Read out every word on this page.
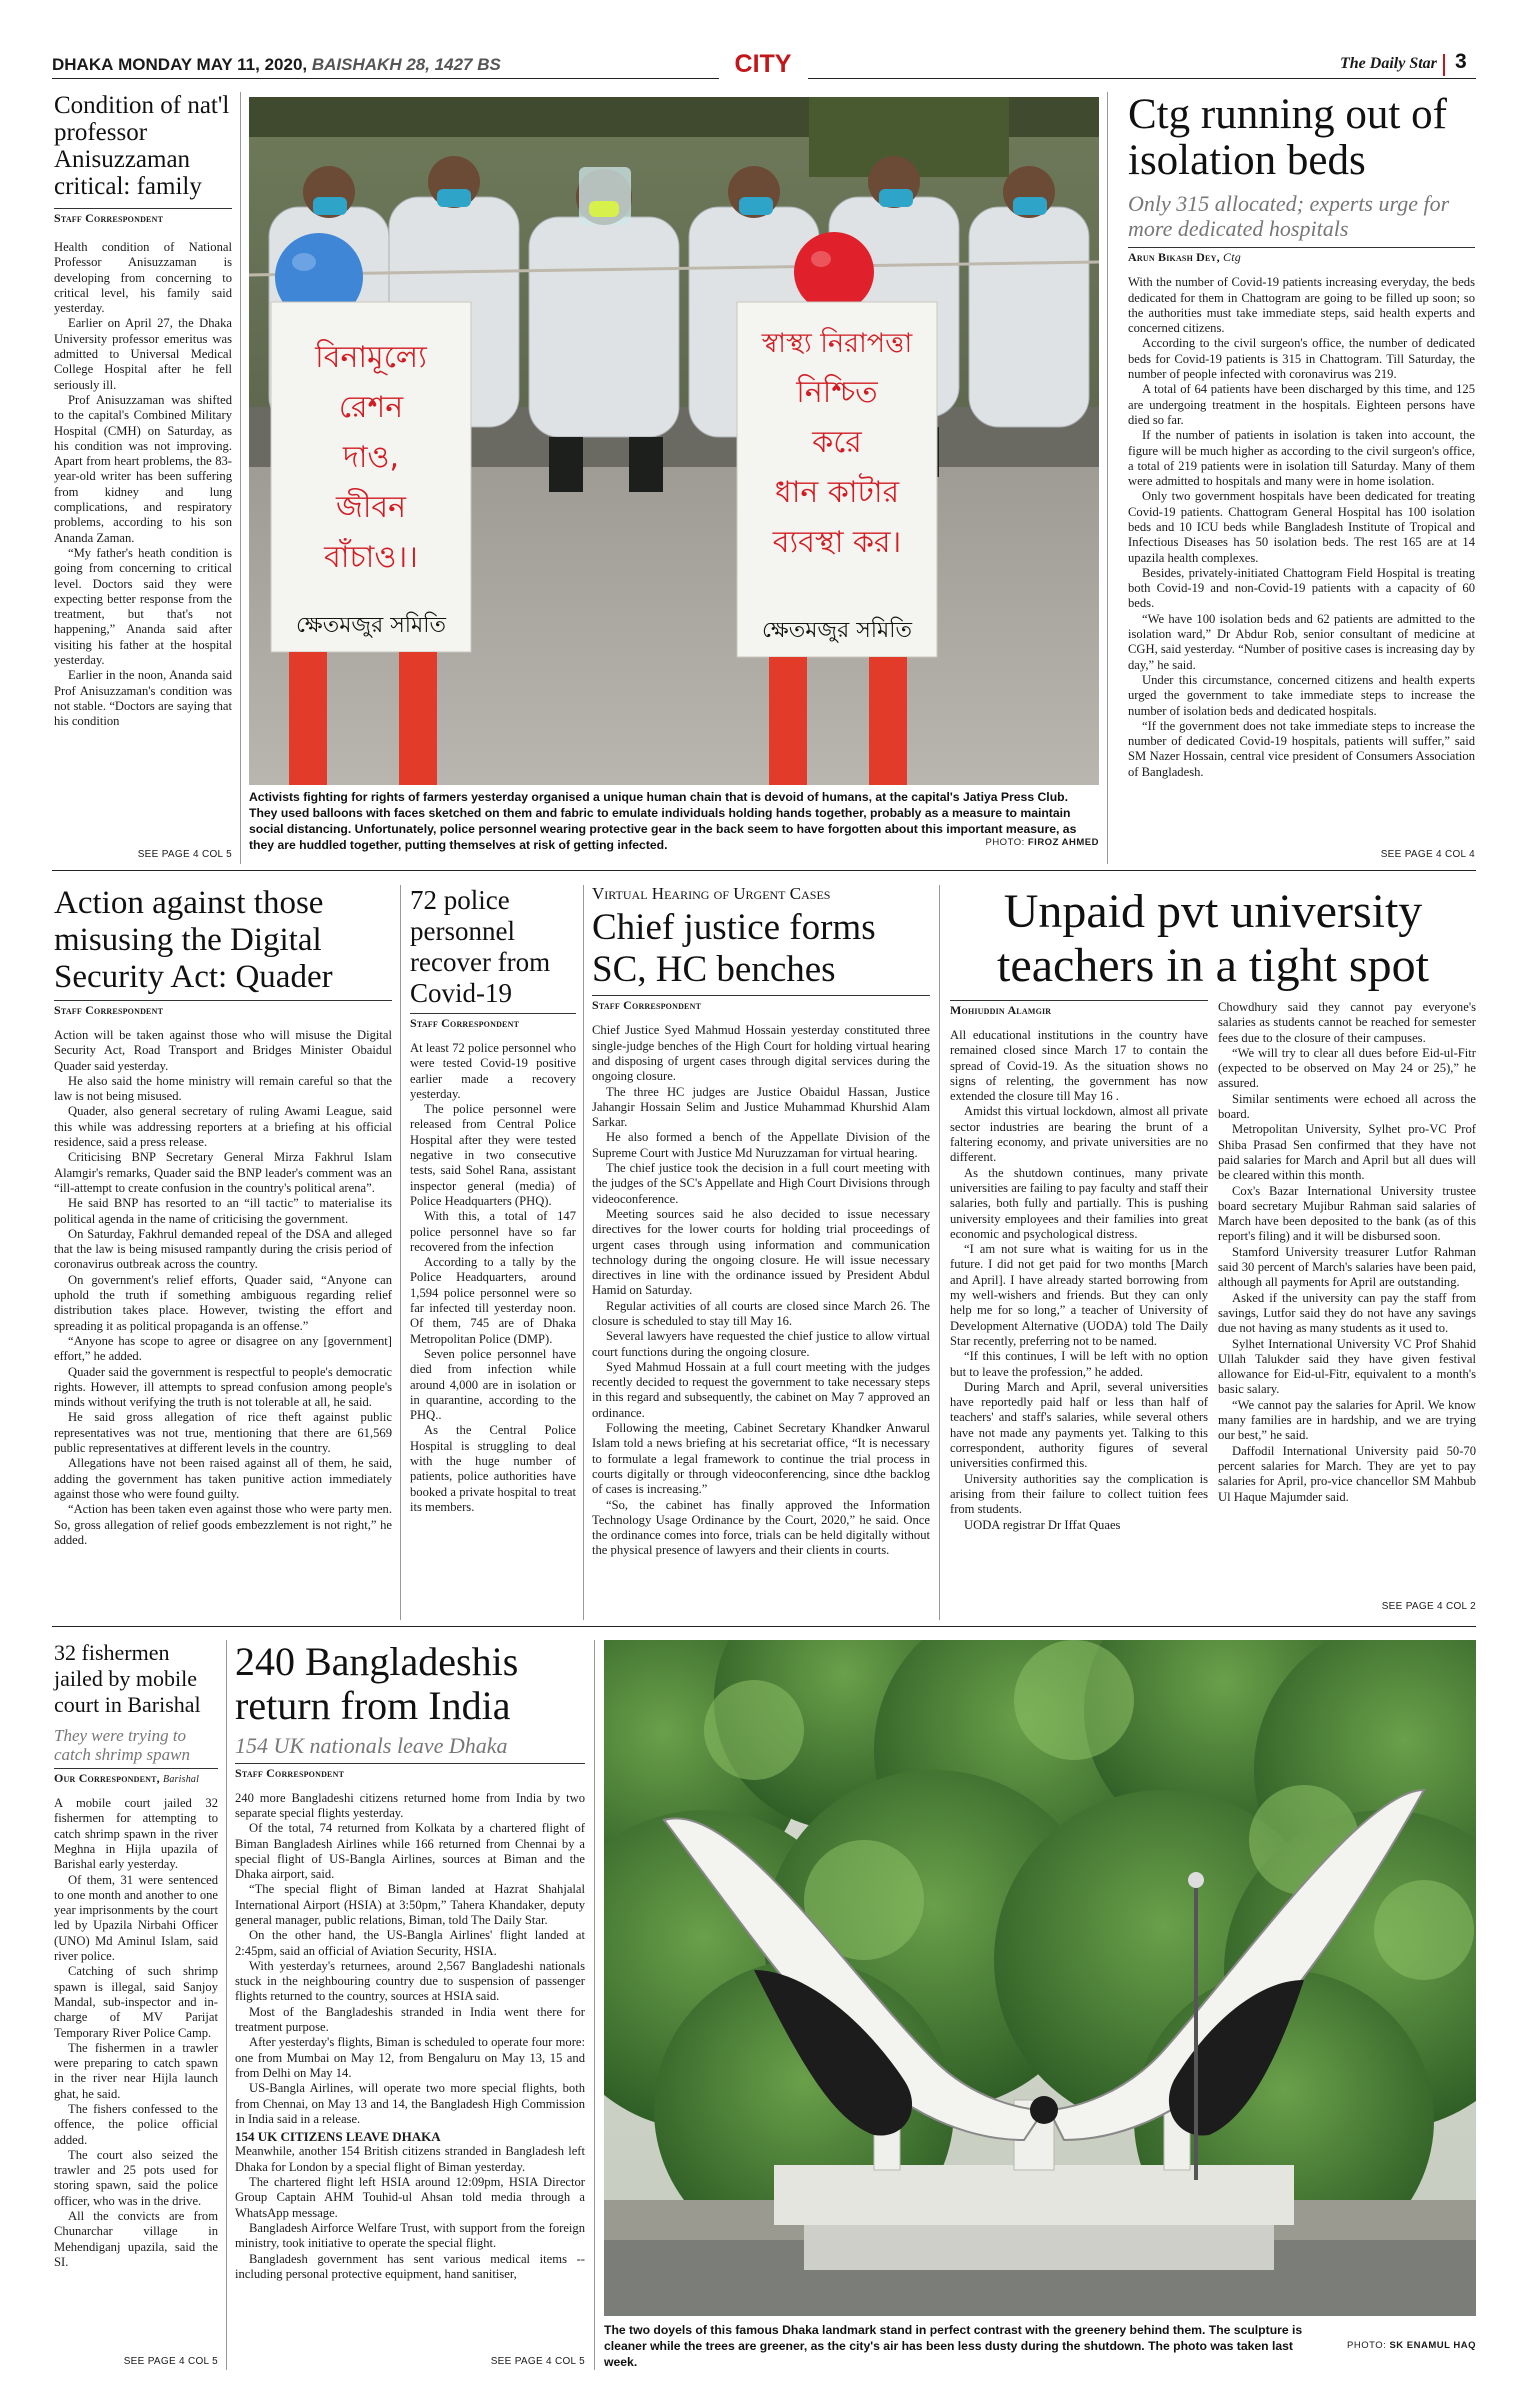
DHAKA MONDAY MAY 11, 2020, BAISHAKH 28, 1427 BS	CITY	The Daily Star 3
Condition of nat'l professor Anisuzzaman critical: family
Staff Correspondent

Health condition of National Professor Anisuzzaman is developing from concerning to critical level, his family said yesterday.

Earlier on April 27, the Dhaka University professor emeritus was admitted to Universal Medical College Hospital after he fell seriously ill.

Prof Anisuzzaman was shifted to the capital's Combined Military Hospital (CMH) on Saturday, as his condition was not improving. Apart from heart problems, the 83-year-old writer has been suffering from kidney and lung complications, and respiratory problems, according to his son Ananda Zaman.

“My father's heath condition is going from concerning to critical level. Doctors said they were expecting better response from the treatment, but that's not happening,” Ananda said after visiting his father at the hospital yesterday.

Earlier in the noon, Ananda said Prof Anisuzzaman's condition was not stable. “Doctors are saying that his condition

SEE PAGE 4 COL 5
বিনামূল্যে
রেশন
দাও,
জীবন
বাঁচাও।।
স্বাস্থ্য নিরাপত্তা
নিশ্চিত
করে
ধান কাটার
ব্যবস্থা কর।
ক্ষেতমজুর সমিতি	ক্ষেতমজুর সমিতি
Activists fighting for rights of farmers yesterday organised a unique human chain that is devoid of humans, at the capital's Jatiya Press Club. They used balloons with faces sketched on them and fabric to emulate individuals holding hands together, probably as a measure to maintain social distancing. Unfortunately, police personnel wearing protective gear in the back seem to have forgotten about this important measure, as they are huddled together, putting themselves at risk of getting infected.	PHOTO: FIROZ AHMED
Ctg running out of isolation beds
Only 315 allocated; experts urge for more dedicated hospitals
Arun Bikash Dey, Ctg

With the number of Covid-19 patients increasing everyday, the beds dedicated for them in Chattogram are going to be filled up soon; so the authorities must take immediate steps, said health experts and concerned citizens.

According to the civil surgeon's office, the number of dedicated beds for Covid-19 patients is 315 in Chattogram. Till Saturday, the number of people infected with coronavirus was 219.

A total of 64 patients have been discharged by this time, and 125 are undergoing treatment in the hospitals. Eighteen persons have died so far.

If the number of patients in isolation is taken into account, the figure will be much higher as according to the civil surgeon's office, a total of 219 patients were in isolation till Saturday. Many of them were admitted to hospitals and many were in home isolation.

Only two government hospitals have been dedicated for treating Covid-19 patients. Chattogram General Hospital has 100 isolation beds and 10 ICU beds while Bangladesh Institute of Tropical and Infectious Diseases has 50 isolation beds. The rest 165 are at 14 upazila health complexes.

Besides, privately-initiated Chattogram Field Hospital is treating both Covid-19 and non-Covid-19 patients with a capacity of 60 beds.

“We have 100 isolation beds and 62 patients are admitted to the isolation ward,” Dr Abdur Rob, senior consultant of medicine at CGH, said yesterday. “Number of positive cases is increasing day by day,” he said.

Under this circumstance, concerned citizens and health experts urged the government to take immediate steps to increase the number of isolation beds and dedicated hospitals.

“If the government does not take immediate steps to increase the number of dedicated Covid-19 hospitals, patients will suffer,” said SM Nazer Hossain, central vice president of Consumers Association of Bangladesh.

SEE PAGE 4 COL 4
Action against those misusing the Digital Security Act: Quader
Staff Correspondent

Action will be taken against those who will misuse the Digital Security Act, Road Transport and Bridges Minister Obaidul Quader said yesterday.

He also said the home ministry will remain careful so that the law is not being misused.

Quader, also general secretary of ruling Awami League, said this while was addressing reporters at a briefing at his official residence, said a press release.

Criticising BNP Secretary General Mirza Fakhrul Islam Alamgir's remarks, Quader said the BNP leader's comment was an “ill-attempt to create confusion in the country's political arena”.

He said BNP has resorted to an “ill tactic” to materialise its political agenda in the name of criticising the government.

On Saturday, Fakhrul demanded repeal of the DSA and alleged that the law is being misused rampantly during the crisis period of coronavirus outbreak across the country.

On government's relief efforts, Quader said, “Anyone can uphold the truth if something ambiguous regarding relief distribution takes place. However, twisting the effort and spreading it as political propaganda is an offense.”

“Anyone has scope to agree or disagree on any [government] effort,” he added.

Quader said the government is respectful to people's democratic rights. However, ill attempts to spread confusion among people's minds without verifying the truth is not tolerable at all, he said.

He said gross allegation of rice theft against public representatives was not true, mentioning that there are 61,569 public representatives at different levels in the country.

Allegations have not been raised against all of them, he said, adding the government has taken punitive action immediately against those who were found guilty.

“Action has been taken even against those who were party men. So, gross allegation of relief goods embezzlement is not right,” he added.

72 police personnel recover from Covid-19
Staff Correspondent

At least 72 police personnel who were tested Covid-19 positive earlier made a recovery yesterday.

The police personnel were released from Central Police Hospital after they were tested negative in two consecutive tests, said Sohel Rana, assistant inspector general (media) of Police Headquarters (PHQ).

With this, a total of 147 police personnel have so far recovered from the infection

According to a tally by the Police Headquarters, around 1,594 police personnel were so far infected till yesterday noon. Of them, 745 are of Dhaka Metropolitan Police (DMP).

Seven police personnel have died from infection while around 4,000 are in isolation or in quarantine, according to the PHQ..

As the Central Police Hospital is struggling to deal with the huge number of patients, police authorities have booked a private hospital to treat its members.

Virtual Hearing of Urgent Cases
Chief justice forms SC, HC benches
Staff Correspondent

Chief Justice Syed Mahmud Hossain yesterday constituted three single-judge benches of the High Court for holding virtual hearing and disposing of urgent cases through digital services during the ongoing closure.

The three HC judges are Justice Obaidul Hassan, Justice Jahangir Hossain Selim and Justice Muhammad Khurshid Alam Sarkar.

He also formed a bench of the Appellate Division of the Supreme Court with Justice Md Nuruzzaman for virtual hearing.

The chief justice took the decision in a full court meeting with the judges of the SC's Appellate and High Court Divisions through videoconference.

Meeting sources said he also decided to issue necessary directives for the lower courts for holding trial proceedings of urgent cases through using information and communication technology during the ongoing closure. He will issue necessary directives in line with the ordinance issued by President Abdul Hamid on Saturday.

Regular activities of all courts are closed since March 26. The closure is scheduled to stay till May 16.

Several lawyers have requested the chief justice to allow virtual court functions during the ongoing closure.

Syed Mahmud Hossain at a full court meeting with the judges recently decided to request the government to take necessary steps in this regard and subsequently, the cabinet on May 7 approved an ordinance.

Following the meeting, Cabinet Secretary Khandker Anwarul Islam told a news briefing at his secretariat office, “It is necessary to formulate a legal framework to continue the trial process in courts digitally or through videoconferencing, since dthe backlog of cases is increasing.”

“So, the cabinet has finally approved the Information Technology Usage Ordinance by the Court, 2020,” he said. Once the ordinance comes into force, trials can be held digitally without the physical presence of lawyers and their clients in courts.

Unpaid pvt university teachers in a tight spot
Mohiuddin Alamgir

All educational institutions in the country have remained closed since March 17 to contain the spread of Covid-19. As the situation shows no signs of relenting, the government has now extended the closure till May 16 .

Amidst this virtual lockdown, almost all private sector industries are bearing the brunt of a faltering economy, and private universities are no different.

As the shutdown continues, many private universities are failing to pay faculty and staff their salaries, both fully and partially. This is pushing university employees and their families into great economic and psychological distress.

“I am not sure what is waiting for us in the future. I did not get paid for two months [March and April]. I have already started borrowing from my well-wishers and friends. But they can only help me for so long,” a teacher of University of Development Alternative (UODA) told The Daily Star recently, preferring not to be named.

“If this continues, I will be left with no option but to leave the profession,” he added.

During March and April, several universities have reportedly paid half or less than half of teachers' and staff's salaries, while several others have not made any payments yet. Talking to this correspondent, authority figures of several universities confirmed this.

University authorities say the complication is arising from their failure to collect tuition fees from students.

UODA registrar Dr Iffat Quaes

Chowdhury said they cannot pay everyone's salaries as students cannot be reached for semester fees due to the closure of their campuses.

“We will try to clear all dues before Eid-ul-Fitr (expected to be observed on May 24 or 25),” he assured.

Similar sentiments were echoed all across the board.

Metropolitan University, Sylhet pro-VC Prof Shiba Prasad Sen confirmed that they have not paid salaries for March and April but all dues will be cleared within this month.

Cox's Bazar International University trustee board secretary Mujibur Rahman said salaries of March have been deposited to the bank (as of this report's filing) and it will be disbursed soon.

Stamford University treasurer Lutfor Rahman said 30 percent of March's salaries have been paid, although all payments for April are outstanding.

Asked if the university can pay the staff from savings, Lutfor said they do not have any savings due not having as many students as it used to.

Sylhet International University VC Prof Shahid Ullah Talukder said they have given festival allowance for Eid-ul-Fitr, equivalent to a month's basic salary.

“We cannot pay the salaries for April. We know many families are in hardship, and we are trying our best,” he said.

Daffodil International University paid 50-70 percent salaries for March. They are yet to pay salaries for April, pro-vice chancellor SM Mahbub Ul Haque Majumder said.

SEE PAGE 4 COL 2
32 fishermen jailed by mobile court in Barishal
They were trying to catch shrimp spawn
Our Correspondent, Barishal

A mobile court jailed 32 fishermen for attempting to catch shrimp spawn in the river Meghna in Hijla upazila of Barishal early yesterday.

Of them, 31 were sentenced to one month and another to one year imprisonments by the court led by Upazila Nirbahi Officer (UNO) Md Aminul Islam, said river police.

Catching of such shrimp spawn is illegal, said Sanjoy Mandal, sub-inspector and in-charge of MV Parijat Temporary River Police Camp.

The fishermen in a trawler were preparing to catch spawn in the river near Hijla launch ghat, he said.

The fishers confessed to the offence, the police official added.

The court also seized the trawler and 25 pots used for storing spawn, said the police officer, who was in the drive.

All the convicts are from Chunarchar village in Mehendiganj upazila, said the SI.

240 Bangladeshis return from India
154 UK nationals leave Dhaka
Staff Correspondent

240 more Bangladeshi citizens returned home from India by two separate special flights yesterday.

Of the total, 74 returned from Kolkata by a chartered flight of Biman Bangladesh Airlines while 166 returned from Chennai by a special flight of US-Bangla Airlines, sources at Biman and the Dhaka airport, said.

“The special flight of Biman landed at Hazrat Shahjalal International Airport (HSIA) at 3:50pm,” Tahera Khandaker, deputy general manager, public relations, Biman, told The Daily Star.

On the other hand, the US-Bangla Airlines' flight landed at 2:45pm, said an official of Aviation Security, HSIA.

With yesterday's returnees, around 2,567 Bangladeshi nationals stuck in the neighbouring country due to suspension of passenger flights returned to the country, sources at HSIA said.

Most of the Bangladeshis stranded in India went there for treatment purpose.

After yesterday's flights, Biman is scheduled to operate four more: one from Mumbai on May 12, from Bengaluru on May 13, 15 and from Delhi on May 14.

US-Bangla Airlines, will operate two more special flights, both from Chennai, on May 13 and 14, the Bangladesh High Commission in India said in a release.

154 UK CITIZENS LEAVE DHAKA

Meanwhile, another 154 British citizens stranded in Bangladesh left Dhaka for London by a special flight of Biman yesterday.

The chartered flight left HSIA around 12:09pm, HSIA Director Group Captain AHM Touhid-ul Ahsan told media through a WhatsApp message.

Bangladesh Airforce Welfare Trust, with support from the foreign ministry, took initiative to operate the special flight.

Bangladesh government has sent various medical items -- including personal protective equipment, hand sanitiser,

SEE PAGE 4 COL 5
SEE PAGE 4 COL 5
The two doyels of this famous Dhaka landmark stand in perfect contrast with the greenery behind them. The sculpture is cleaner while the trees are greener, as the city's air has been less dusty during the shutdown. The photo was taken last week.
PHOTO: SK ENAMUL HAQ
